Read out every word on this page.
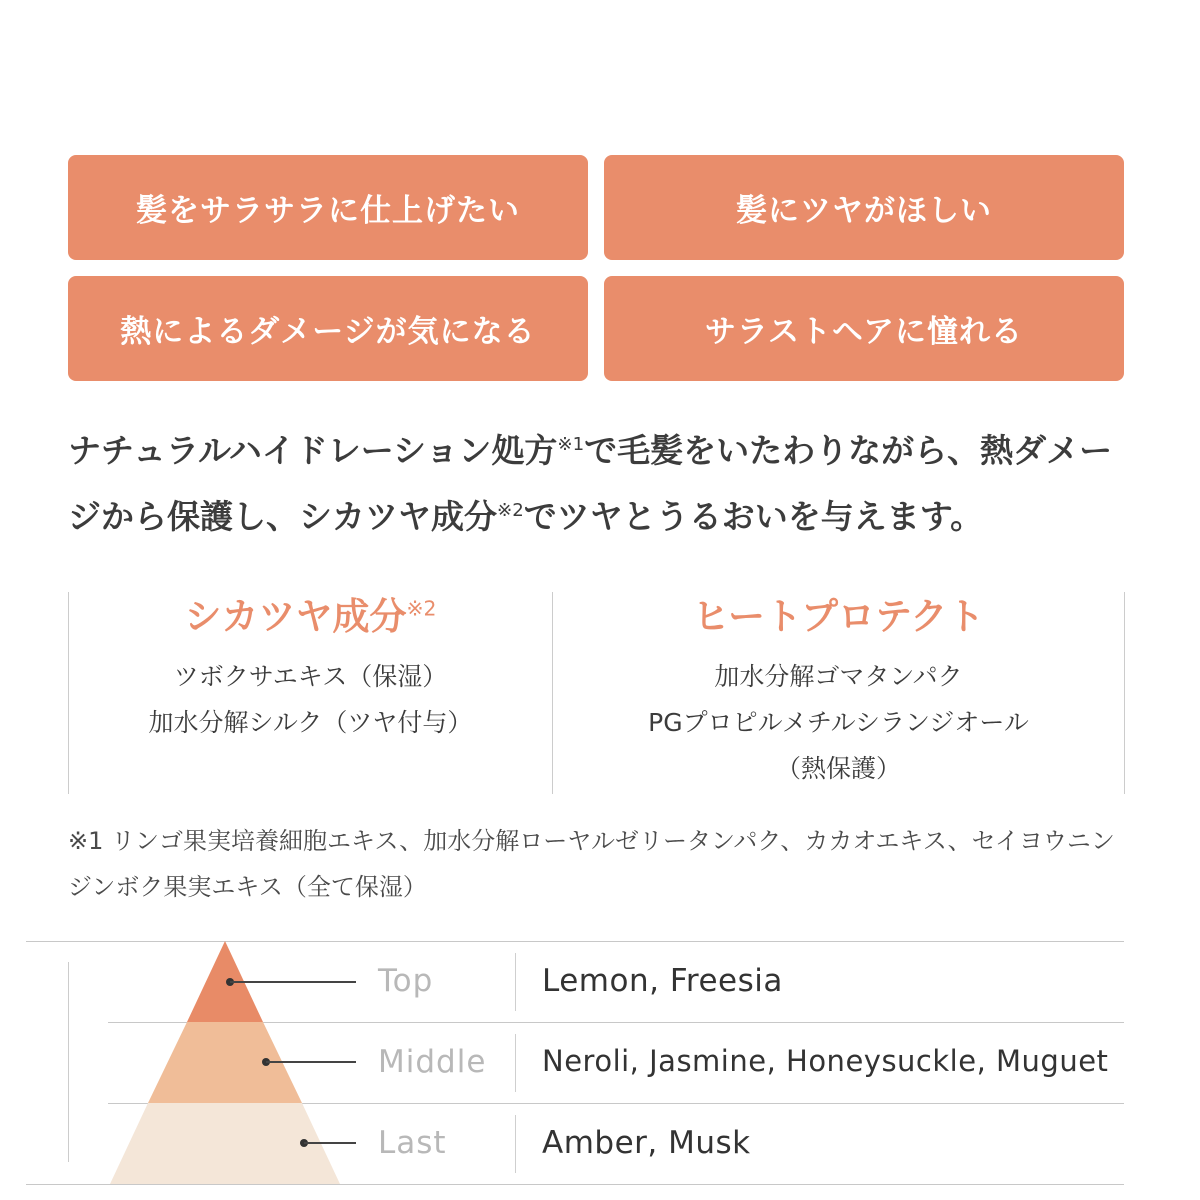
髪をサラサラに仕上げたい	髪にツヤがほしい
熱によるダメージが気になる	サラストヘアに憧れる

ナチュラルハイドレーション処方$^{※1}$で毛髪をいたわりながら、熱ダメージから保護し、シカツヤ成分$^{※2}$でツヤとうるおいを与えます。

シカツヤ成分$^{※2}$
ツボクサエキス（保湿）
加水分解シルク（ツヤ付与）
ヒートプロテクト
加水分解ゴマタンパク
PGプロピルメチルシランジオール
（熱保護）

※1 リンゴ果実培養細胞エキス、加水分解ローヤルゼリータンパク、カカオエキス、セイヨウニンジンボク果実エキス（全て保湿）

Top
Middle
Last
Lemon, Freesia
Neroli, Jasmine, Honeysuckle, Muguet
Amber, Musk
